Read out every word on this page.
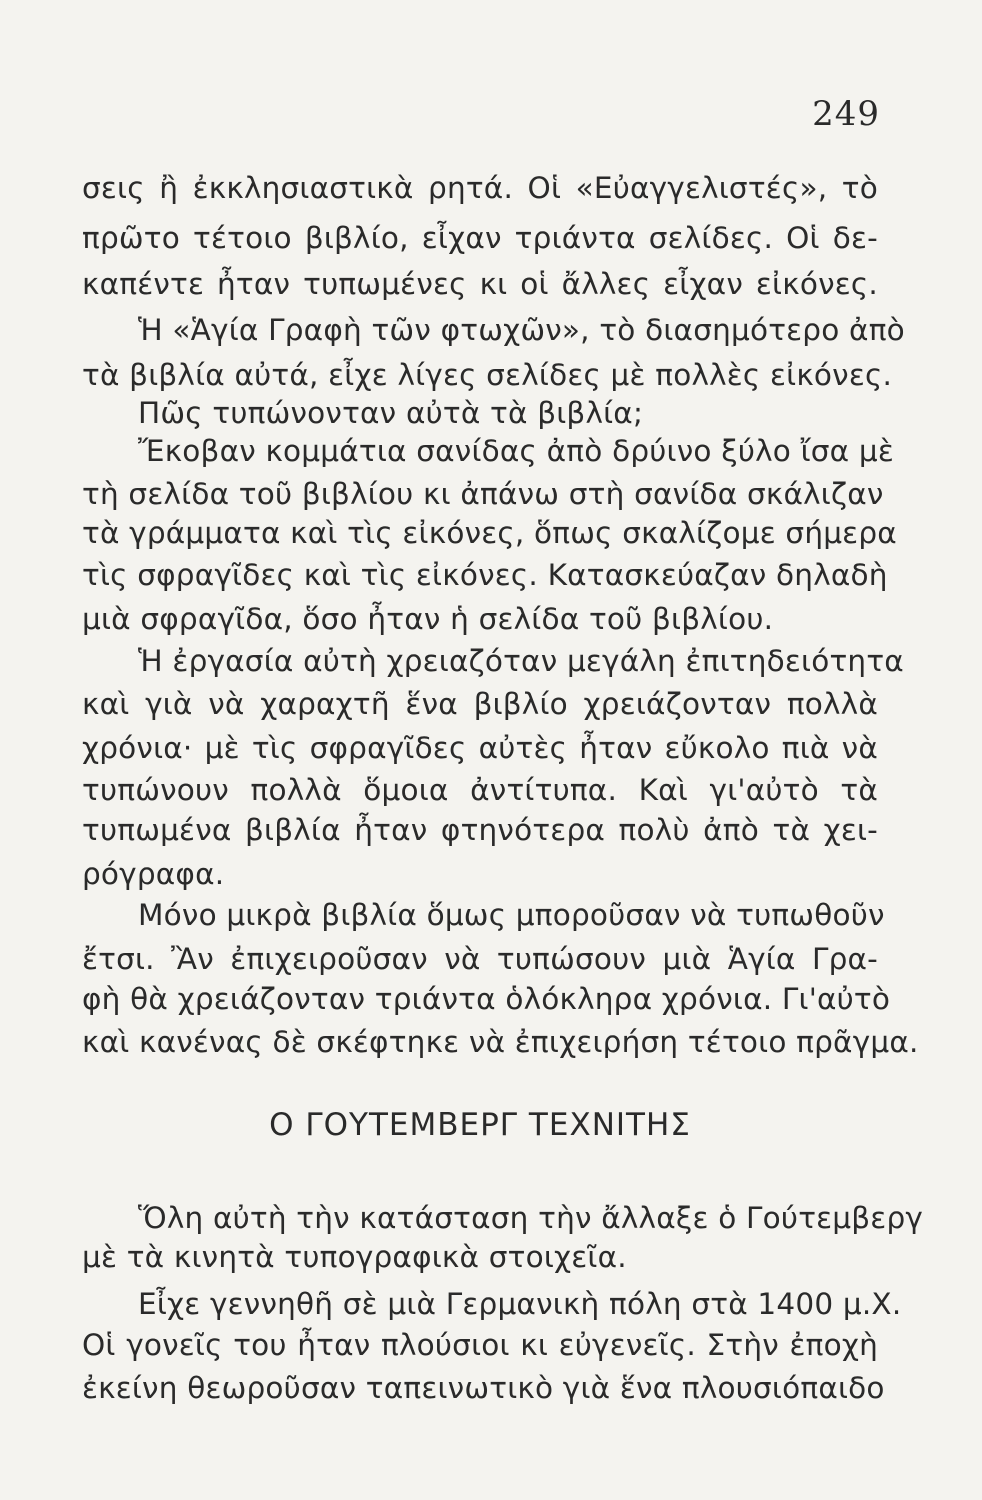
249
σεις ἢ ἐκκλησιαστικὰ ρητά. Οἱ «Εὐαγγελιστές», τὸ
πρῶτο τέτοιο βιβλίο, εἶχαν τριάντα σελίδες. Οἱ δε-
καπέντε ἦταν τυπωμένες κι οἱ ἄλλες εἶχαν εἰκόνες.
Ἡ «Ἁγία Γραφὴ τῶν φτωχῶν», τὸ διασημότερο ἀπὸ
τὰ βιβλία αὐτά, εἶχε λίγες σελίδες μὲ πολλὲς εἰκόνες.
Πῶς τυπώνονταν αὐτὰ τὰ βιβλία;
Ἔκοβαν κομμάτια σανίδας ἀπὸ δρύινο ξύλο ἴσα μὲ
τὴ σελίδα τοῦ βιβλίου κι ἀπάνω στὴ σανίδα σκάλιζαν
τὰ γράμματα καὶ τὶς εἰκόνες, ὅπως σκαλίζομε σήμερα
τὶς σφραγῖδες καὶ τὶς εἰκόνες. Κατασκεύαζαν δηλαδὴ
μιὰ σφραγῖδα, ὅσο ἦταν ἡ σελίδα τοῦ βιβλίου.
Ἡ ἐργασία αὐτὴ χρειαζόταν μεγάλη ἐπιτηδειότητα
καὶ γιὰ νὰ χαραχτῆ ἕνα βιβλίο χρειάζονταν πολλὰ
χρόνια· μὲ τὶς σφραγῖδες αὐτὲς ἦταν εὔκολο πιὰ νὰ
τυπώνουν πολλὰ ὅμοια ἀντίτυπα. Καὶ γι'αὐτὸ τὰ
τυπωμένα βιβλία ἦταν φτηνότερα πολὺ ἀπὸ τὰ χει-
ρόγραφα.
Μόνο μικρὰ βιβλία ὅμως μποροῦσαν νὰ τυπωθοῦν
ἔτσι. Ἂν ἐπιχειροῦσαν νὰ τυπώσουν μιὰ Ἁγία Γρα-
φὴ θὰ χρειάζονταν τριάντα ὁλόκληρα χρόνια. Γι'αὐτὸ
καὶ κανένας δὲ σκέφτηκε νὰ ἐπιχειρήση τέτοιο πρᾶγμα.
Ο ΓΟΥΤΕΜΒΕΡΓ ΤΕΧΝΙΤΗΣ
Ὅλη αὐτὴ τὴν κατάσταση τὴν ἄλλαξε ὁ Γούτεμβεργ
μὲ τὰ κινητὰ τυπογραφικὰ στοιχεῖα.
Εἶχε γεννηθῆ σὲ μιὰ Γερμανικὴ πόλη στὰ 1400 μ.Χ.
Οἱ γονεῖς του ἦταν πλούσιοι κι εὐγενεῖς. Στὴν ἐποχὴ
ἐκείνη θεωροῦσαν ταπεινωτικὸ γιὰ ἕνα πλουσιόπαιδο
